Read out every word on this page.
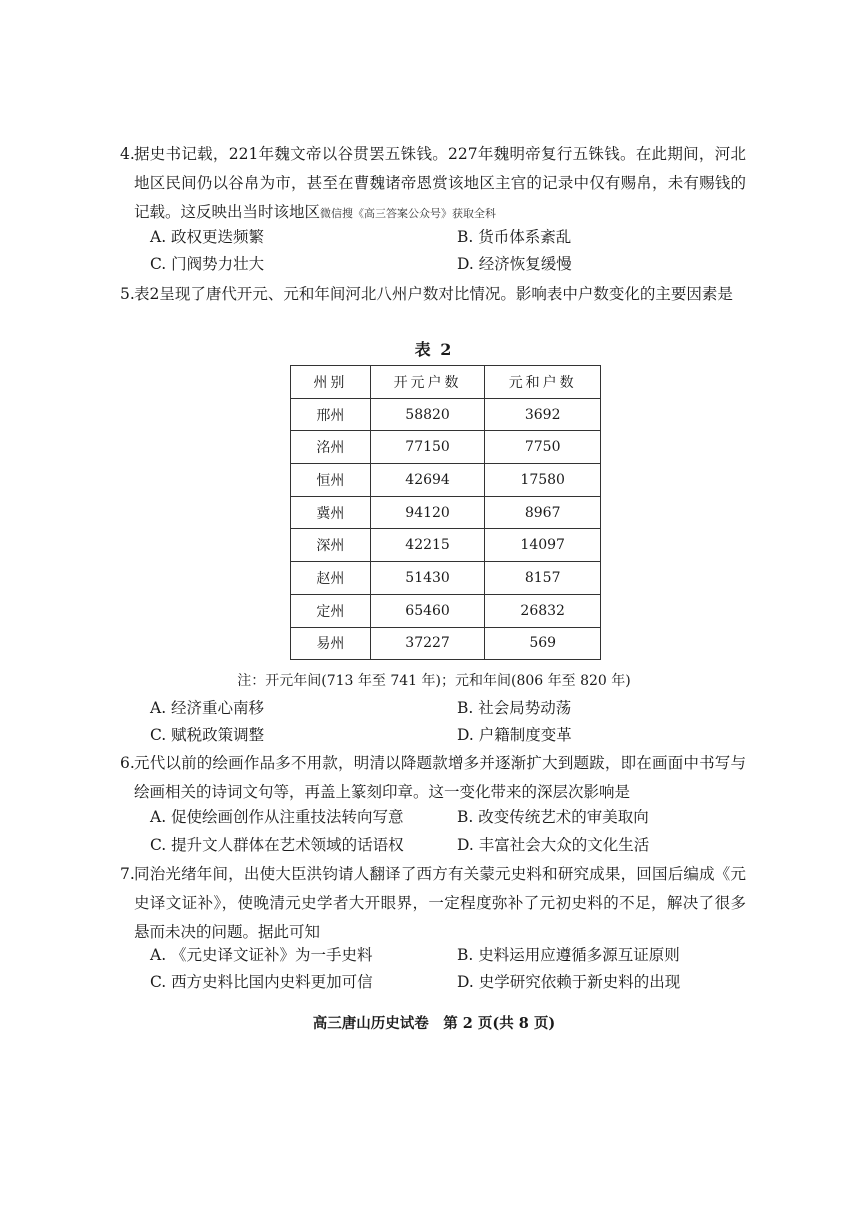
4. 据史书记载，221年魏文帝以谷贯罢五铢钱。227年魏明帝复行五铢钱。在此期间，河北地区民间仍以谷帛为市，甚至在曹魏诸帝恩赏该地区主官的记录中仅有赐帛，未有赐钱的记载。这反映出当时该地区微信搜《高三答案公众号》获取全科
A. 政权更迭频繁	B. 货币体系紊乱
C. 门阀势力壮大	D. 经济恢复缓慢
5. 表2呈现了唐代开元、元和年间河北八州户数对比情况。影响表中户数变化的主要因素是
表 2
州别	开元户数	元和户数
邢州	58820	3692
洺州	77150	7750
恒州	42694	17580
冀州	94120	8967
深州	42215	14097
赵州	51430	8157
定州	65460	26832
易州	37227	569
注：开元年间(713 年至 741 年)；元和年间(806 年至 820 年)
A. 经济重心南移	B. 社会局势动荡
C. 赋税政策调整	D. 户籍制度变革
6. 元代以前的绘画作品多不用款，明清以降题款增多并逐渐扩大到题跋，即在画面中书写与绘画相关的诗词文句等，再盖上篆刻印章。这一变化带来的深层次影响是
A. 促使绘画创作从注重技法转向写意	B. 改变传统艺术的审美取向
C. 提升文人群体在艺术领域的话语权	D. 丰富社会大众的文化生活
7. 同治光绪年间，出使大臣洪钧请人翻译了西方有关蒙元史料和研究成果，回国后编成《元史译文证补》，使晚清元史学者大开眼界，一定程度弥补了元初史料的不足，解决了很多悬而未决的问题。据此可知
A. 《元史译文证补》为一手史料	B. 史料运用应遵循多源互证原则
C. 西方史料比国内史料更加可信	D. 史学研究依赖于新史料的出现
高三唐山历史试卷　第 2 页(共 8 页)
